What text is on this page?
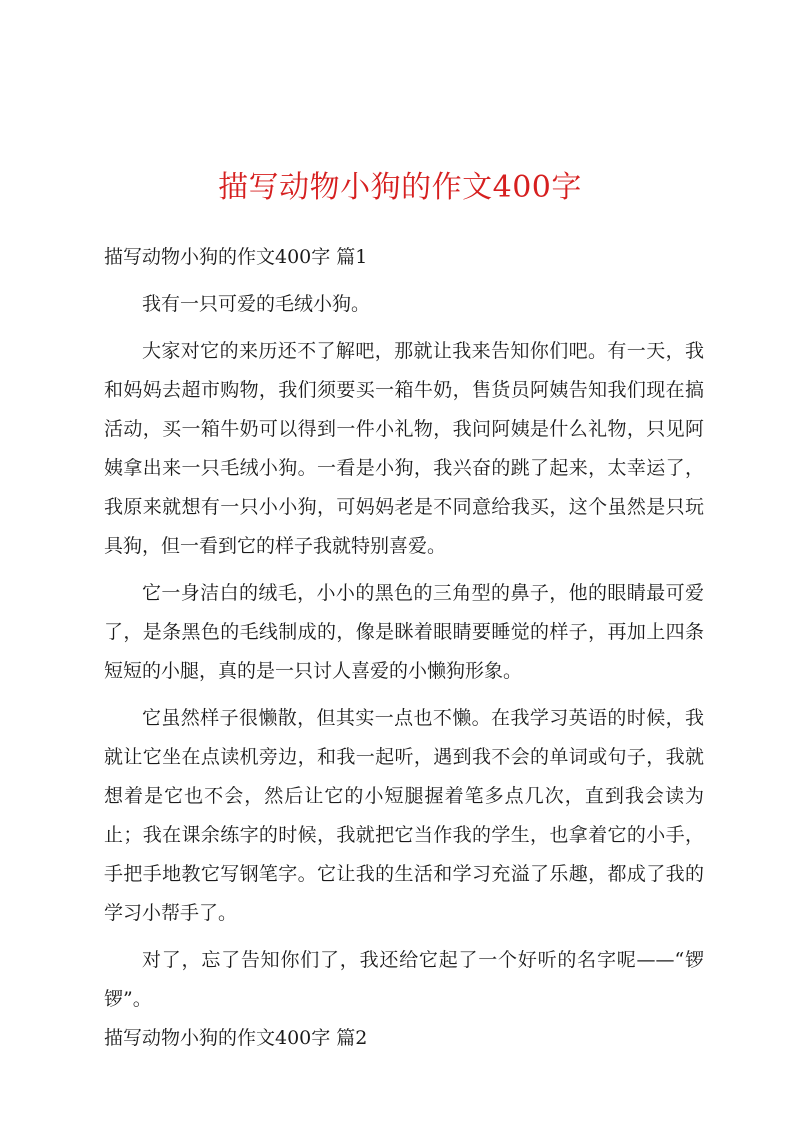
描写动物小狗的作文400字

描写动物小狗的作文400字 篇1

我有一只可爱的毛绒小狗。

大家对它的来历还不了解吧，那就让我来告知你们吧。有一天，我和妈妈去超市购物，我们须要买一箱牛奶，售货员阿姨告知我们现在搞活动，买一箱牛奶可以得到一件小礼物，我问阿姨是什么礼物，只见阿姨拿出来一只毛绒小狗。一看是小狗，我兴奋的跳了起来，太幸运了，我原来就想有一只小小狗，可妈妈老是不同意给我买，这个虽然是只玩具狗，但一看到它的样子我就特别喜爱。

它一身洁白的绒毛，小小的黑色的三角型的鼻子，他的眼睛最可爱了，是条黑色的毛线制成的，像是眯着眼睛要睡觉的样子，再加上四条短短的小腿，真的是一只讨人喜爱的小懒狗形象。

它虽然样子很懒散，但其实一点也不懒。在我学习英语的时候，我就让它坐在点读机旁边，和我一起听，遇到我不会的单词或句子，我就想着是它也不会，然后让它的小短腿握着笔多点几次，直到我会读为止；我在课余练字的时候，我就把它当作我的学生，也拿着它的小手，手把手地教它写钢笔字。它让我的生活和学习充溢了乐趣，都成了我的学习小帮手了。

对了，忘了告知你们了，我还给它起了一个好听的名字呢——“锣锣”。

描写动物小狗的作文400字 篇2
